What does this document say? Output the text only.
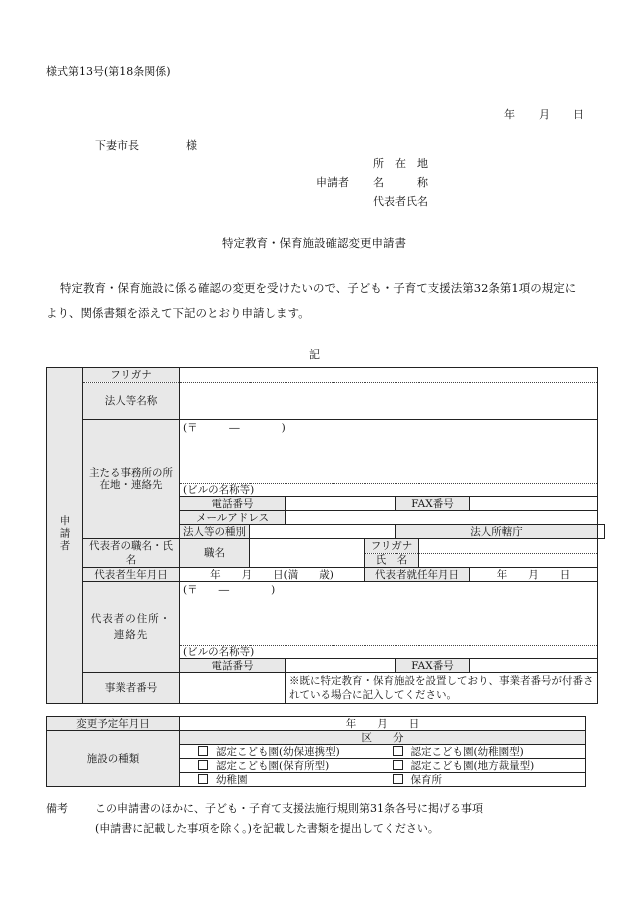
様式第13号(第18条関係)
年 月 日
下妻市長	様
所　在　地
申請者 名　　　称
代表者氏名
特定教育・保育施設確認変更申請書
特定教育・保育施設に係る確認の変更を受けたいので、子ども・子育て支援法第32条第1項の規定に
より、関係書類を添えて下記のとおり申請します。
記
申請者	フリガナ								
	法人等名称								
	主たる事務所の所在地・連絡先	(〒　　　―　　　　)							
		(ビルの名称等)							
		電話番号				FAX番号			
		メールアドレス							
		法人等の種別				法人所轄庁			
	代表者の職名・氏名	職名			フリガナ				
					氏　名				
	代表者生年月日	年　　月　　日(満　　歳)			代表者就任年月日			年　　月　　日	
	代表者の住所・連絡先	(〒　　―　　　　)							
		(ビルの名称等)							
		電話番号				FAX番号			
	事業者番号			※既に特定教育・保育施設を設置しており、事業者番号が付番されている場合に記入してください。					
変更予定年月日	年　　月　　日	
施設の種類	区　　分	
	認定こども園(幼保連携型)	認定こども園(幼稚園型)
	認定こども園(保育所型)	認定こども園(地方裁量型)
	幼稚園	保育所
備考 この申請書のほかに、子ども・子育て支援法施行規則第31条各号に掲げる事項
(申請書に記載した事項を除く。)を記載した書類を提出してください。
